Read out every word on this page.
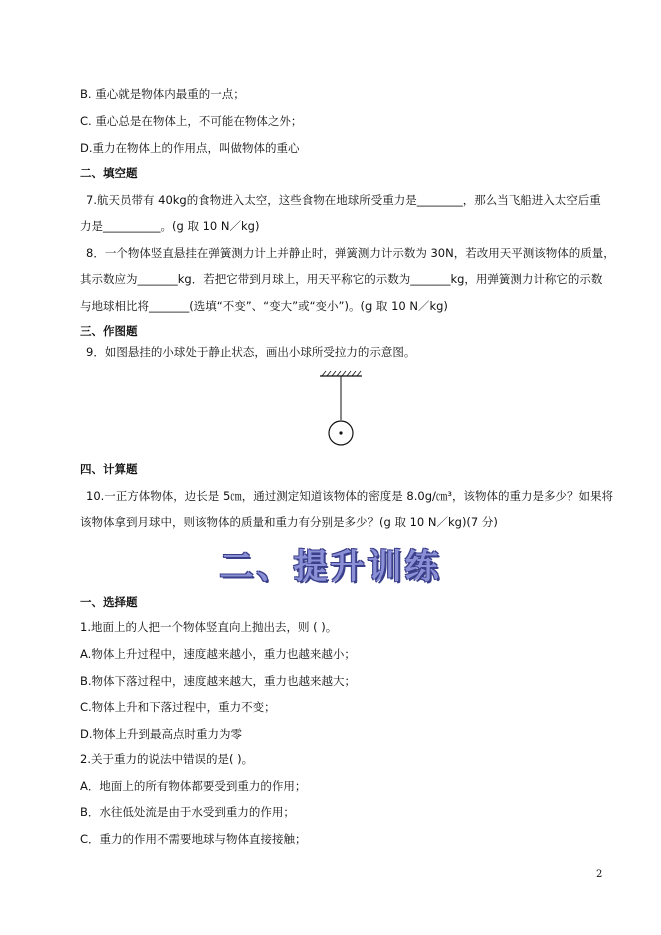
B. 重心就是物体内最重的一点；
C. 重心总是在物体上，不可能在物体之外；
D.重力在物体上的作用点，叫做物体的重心
二、填空题
7.航天员带有 40kg的食物进入太空，这些食物在地球所受重力是________，那么当飞船进入太空后重
力是__________。(g 取 10 N／kg)
8．一个物体竖直悬挂在弹簧测力计上并静止时，弹簧测力计示数为 30N，若改用天平测该物体的质量，
其示数应为_______kg．若把它带到月球上，用天平称它的示数为_______kg，用弹簧测力计称它的示数
与地球相比将_______(选填“不变”、“变大”或“变小”)。(g 取 10 N／kg)
三、作图题
9．如图悬挂的小球处于静止状态，画出小球所受拉力的示意图。
四、计算题
10.一正方体物体，边长是 5㎝，通过测定知道该物体的密度是 8.0g/㎝³，该物体的重力是多少？如果将
该物体拿到月球中，则该物体的质量和重力有分别是多少？(g 取 10 N／kg)(7 分)
二、提升训练
一、选择题
1.地面上的人把一个物体竖直向上抛出去，则 ( )。
A.物体上升过程中，速度越来越小，重力也越来越小；
B.物体下落过程中，速度越来越大，重力也越来越大；
C.物体上升和下落过程中，重力不变；
D.物体上升到最高点时重力为零
2.关于重力的说法中错误的是( )。
A．地面上的所有物体都要受到重力的作用；
B．水往低处流是由于水受到重力的作用；
C．重力的作用不需要地球与物体直接接触；
2
